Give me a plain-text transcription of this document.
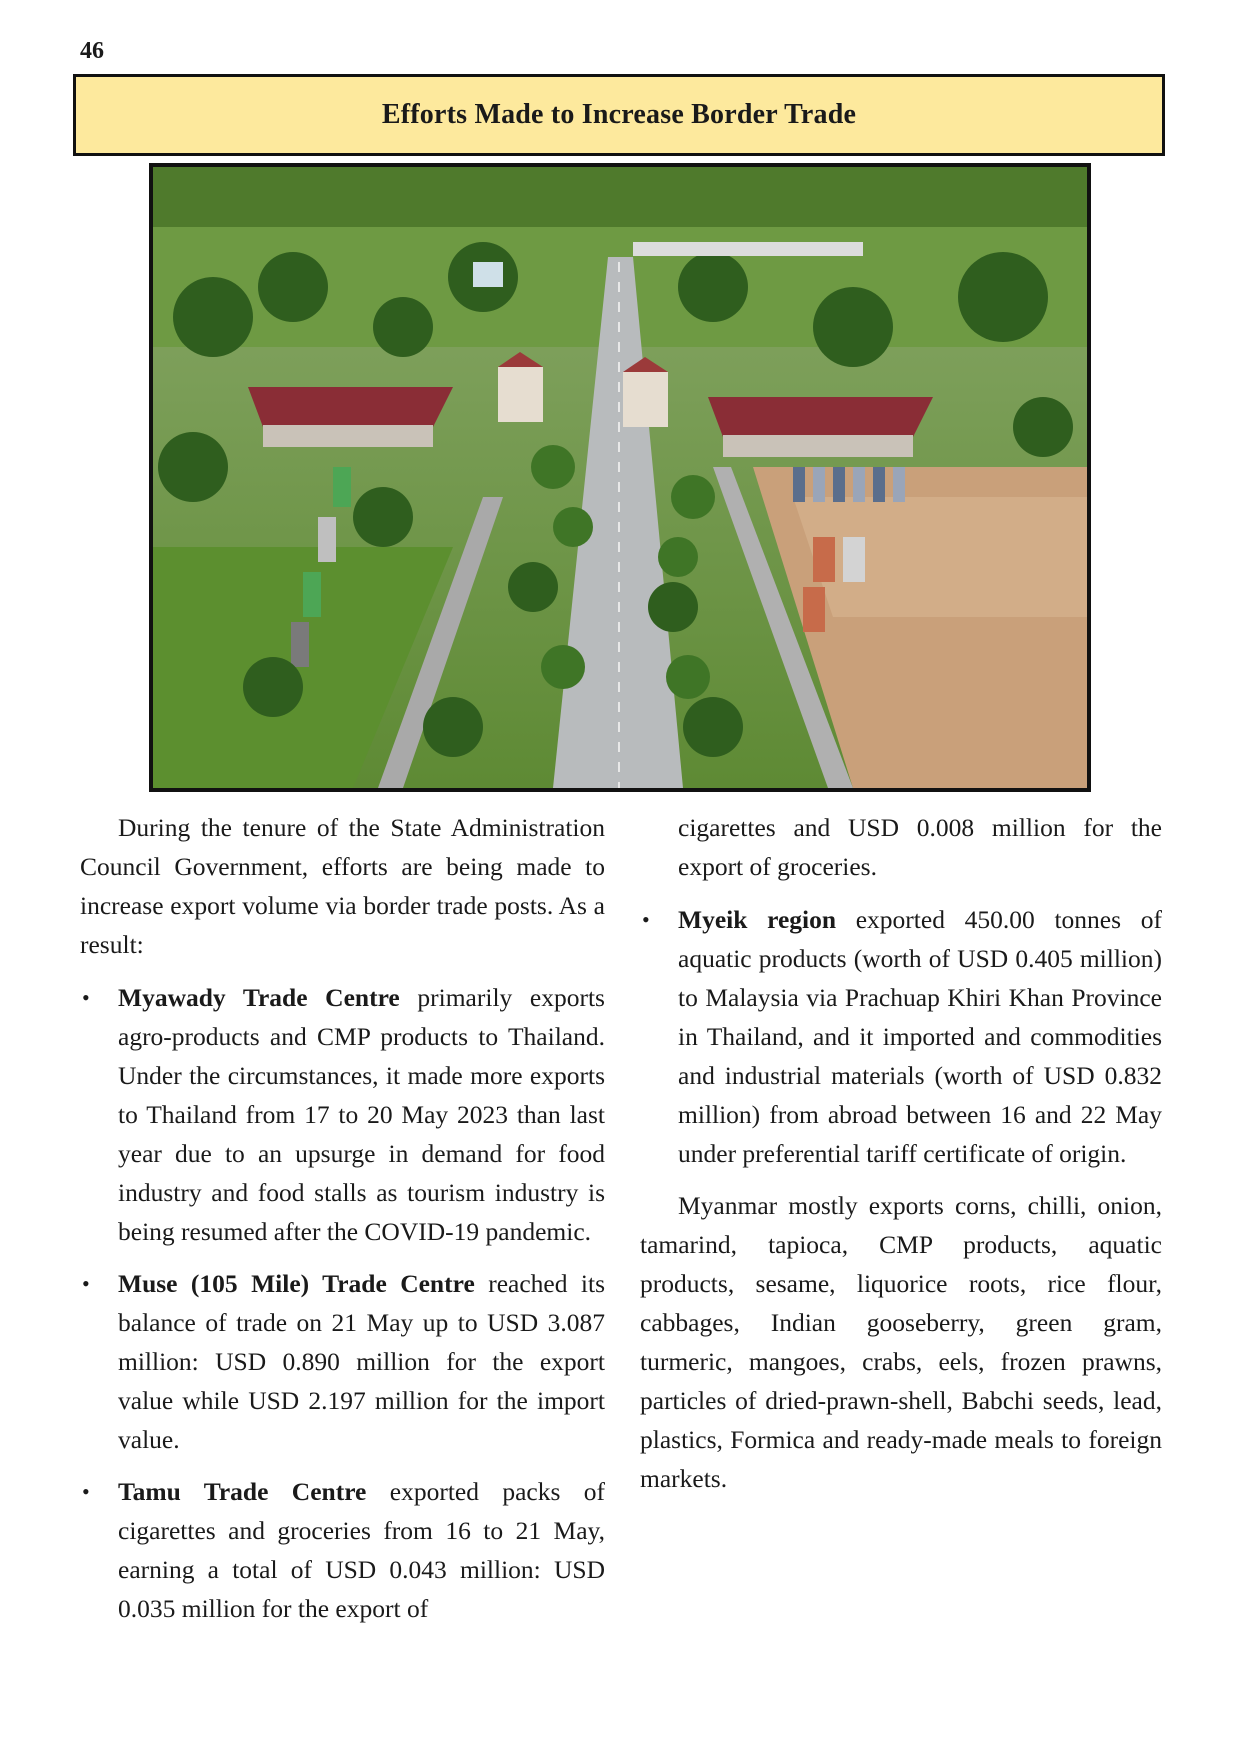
46
Efforts Made to Increase Border Trade

During the tenure of the State Administration Council Government, efforts are being made to increase export volume via border trade posts. As a result:

• Myawady Trade Centre primarily exports agro-products and CMP products to Thailand. Under the circumstances, it made more exports to Thailand from 17 to 20 May 2023 than last year due to an upsurge in demand for food industry and food stalls as tourism industry is being resumed after the COVID-19 pandemic.
• Muse (105 Mile) Trade Centre reached its balance of trade on 21 May up to USD 3.087 million: USD 0.890 million for the export value while USD 2.197 million for the import value.
• Tamu Trade Centre exported packs of cigarettes and groceries from 16 to 21 May, earning a total of USD 0.043 million: USD 0.035 million for the export of

cigarettes and USD 0.008 million for the export of groceries.

• Myeik region exported 450.00 tonnes of aquatic products (worth of USD 0.405 million) to Malaysia via Prachuap Khiri Khan Province in Thailand, and it imported and commodities and industrial materials (worth of USD 0.832 million) from abroad between 16 and 22 May under preferential tariff certificate of origin.

Myanmar mostly exports corns, chilli, onion, tamarind, tapioca, CMP products, aquatic products, sesame, liquorice roots, rice flour, cabbages, Indian gooseberry, green gram, turmeric, mangoes, crabs, eels, frozen prawns, particles of dried-prawn-shell, Babchi seeds, lead, plastics, Formica and ready-made meals to foreign markets.
